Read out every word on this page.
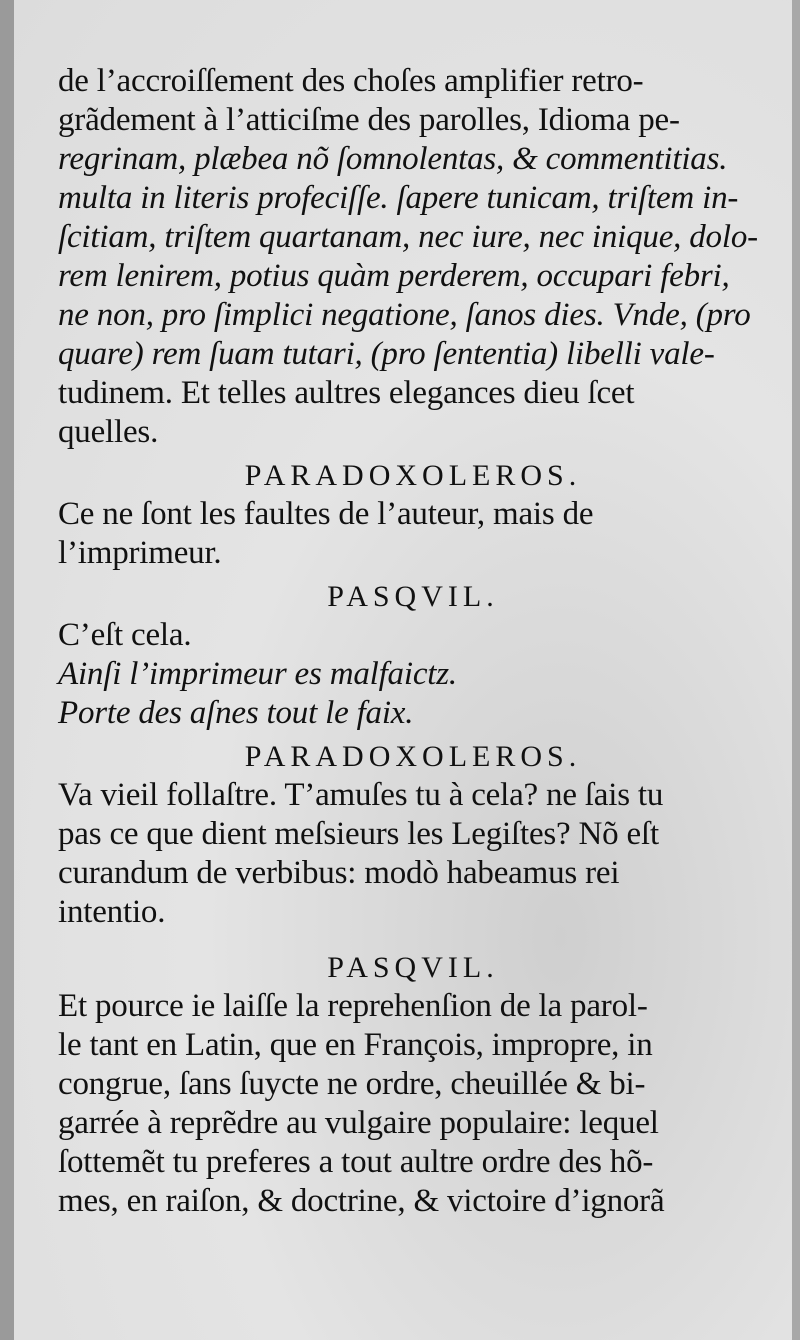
de l’accroiſſement des choſes amplifier retro-
grãdement à l’atticiſme des parolles, Idioma pe-
regrinam, plæbea nõ ſomnolentas, & commentitias.
multa in literis profeciſſe. ſapere tunicam, triſtem in-
ſcitiam, triſtem quartanam, nec iure, nec inique, dolo-
rem lenirem, potius quàm perderem, occupari febri,
ne non, pro ſimplici negatione, ſanos dies. Vnde, (pro
quare) rem ſuam tutari, (pro ſententia) libelli vale-
tudinem. Et telles aultres elegances dieu ſcet
quelles.
PARADOXOLEROS.
Ce ne ſont les faultes de l’auteur, mais de
l’imprimeur.
PASQVIL.
C’eſt cela.
Ainſi l’imprimeur es malfaictz.
Porte des aſnes tout le faix.
PARADOXOLEROS.
Va vieil follaſtre. T’amuſes tu à cela? ne ſais tu
pas ce que dient meſsieurs les Legiſtes? Nõ eſt
curandum de verbibus: modò habeamus rei
intentio.
PASQVIL.
Et pource ie laiſſe la reprehenſion de la parol-
le tant en Latin, que en François, impropre, in
congrue, ſans ſuycte ne ordre, cheuillée & bi-
garrée à reprẽdre au vulgaire populaire: lequel
ſottemẽt tu preferes a tout aultre ordre des hõ-
mes, en raiſon, & doctrine, & victoire d’ignorã
